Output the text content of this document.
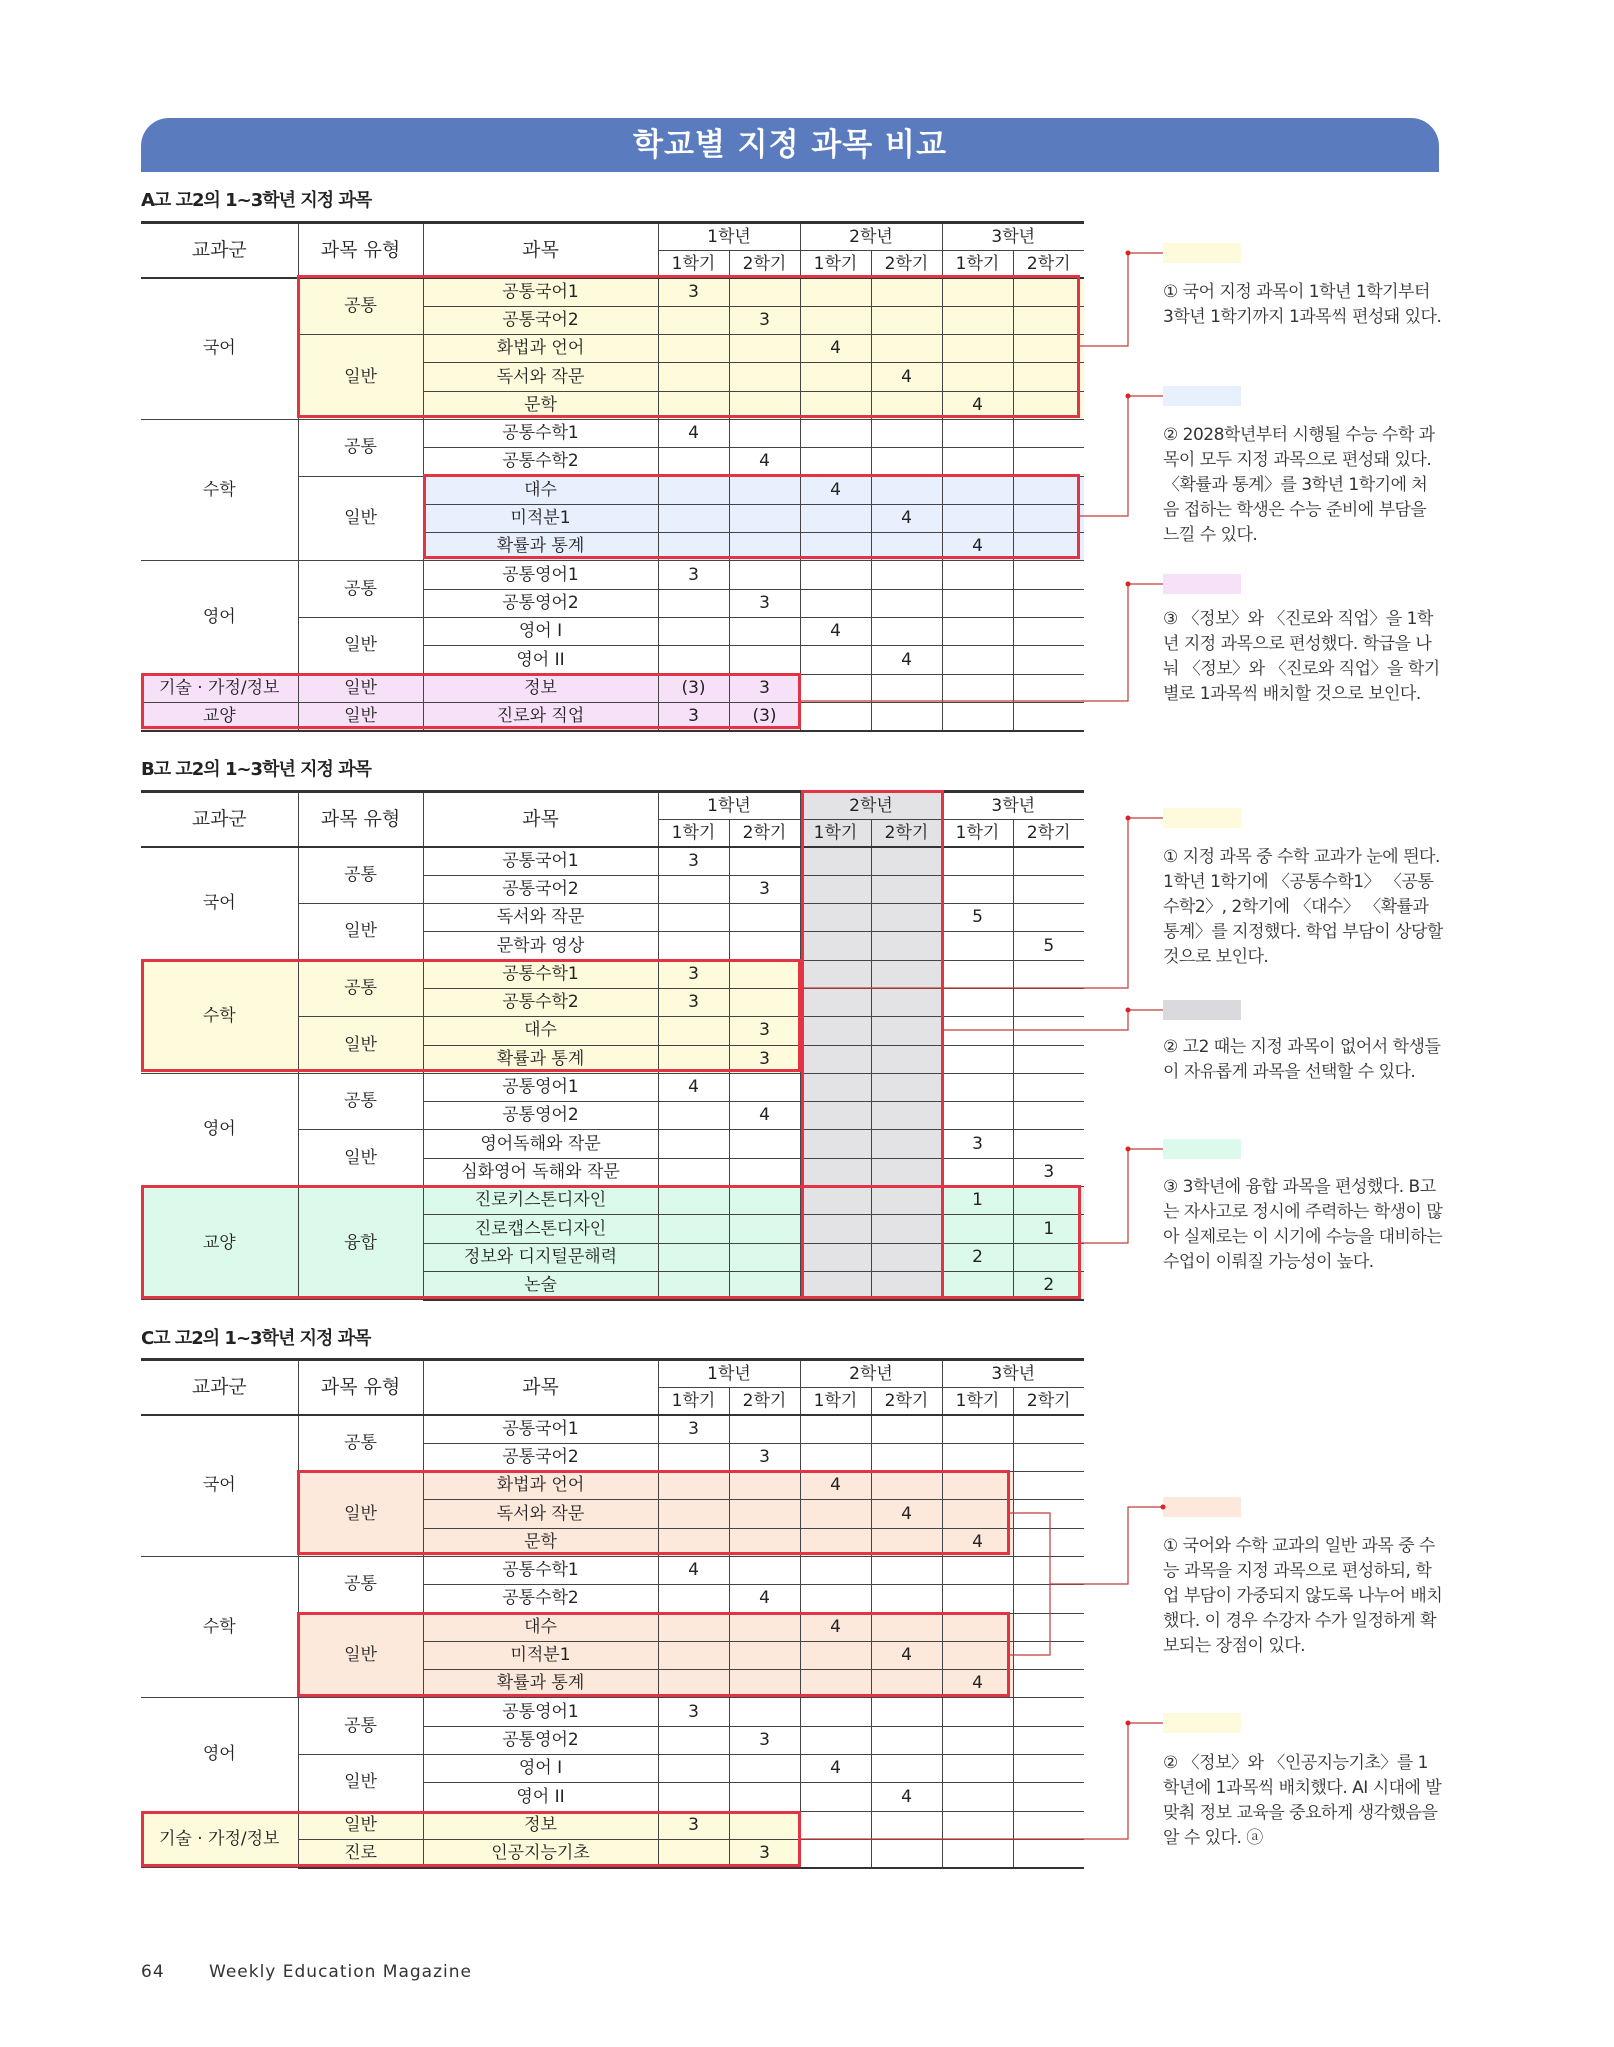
학교별 지정 과목 비교
A고 고2의 1~3학년 지정 과목
교과군	과목 유형	과목	1학년		2학년		3학년	
			1학기	2학기	1학기	2학기	1학기	2학기
국어	공통	공통국어1	3					
		공통국어2		3				
	일반	화법과 언어			4			
		독서와 작문				4		
		문학					4	
수학	공통	공통수학1	4					
		공통수학2		4				
	일반	대수			4			
		미적분1				4		
		확률과 통계					4	
영어	공통	공통영어1	3					
		공통영어2		3				
	일반	영어 I			4			
		영어 II				4		
기술 · 가정/정보	일반	정보	(3)	3				
교양	일반	진로와 직업	3	(3)				
① 국어 지정 과목이 1학년 1학기부터 3학년 1학기까지 1과목씩 편성돼 있다.
② 2028학년부터 시행될 수능 수학 과목이 모두 지정 과목으로 편성돼 있다. 〈확률과 통계〉를 3학년 1학기에 처음 접하는 학생은 수능 준비에 부담을 느낄 수 있다.
③ 〈정보〉와 〈진로와 직업〉을 1학년 지정 과목으로 편성했다. 학급을 나눠 〈정보〉와 〈진로와 직업〉을 학기별로 1과목씩 배치할 것으로 보인다.
B고 고2의 1~3학년 지정 과목
교과군	과목 유형	과목	1학년		2학년		3학년	
			1학기	2학기	1학기	2학기	1학기	2학기
국어	공통	공통국어1	3					
		공통국어2		3				
	일반	독서와 작문					5	
		문학과 영상						5
수학	공통	공통수학1	3					
		공통수학2	3					
	일반	대수		3				
		확률과 통계		3				
영어	공통	공통영어1	4					
		공통영어2		4				
	일반	영어독해와 작문					3	
		심화영어 독해와 작문						3
교양	융합	진로키스톤디자인					1	
		진로캡스톤디자인						1
		정보와 디지털문해력					2	
		논술						2
① 지정 과목 중 수학 교과가 눈에 띈다. 1학년 1학기에 〈공통수학1〉 〈공통수학2〉, 2학기에 〈대수〉 〈확률과 통계〉를 지정했다. 학업 부담이 상당할 것으로 보인다.
② 고2 때는 지정 과목이 없어서 학생들이 자유롭게 과목을 선택할 수 있다.
③ 3학년에 융합 과목을 편성했다. B고는 자사고로 정시에 주력하는 학생이 많아 실제로는 이 시기에 수능을 대비하는 수업이 이뤄질 가능성이 높다.
C고 고2의 1~3학년 지정 과목
교과군	과목 유형	과목	1학년		2학년		3학년	
			1학기	2학기	1학기	2학기	1학기	2학기
국어	공통	공통국어1	3					
		공통국어2		3				
	일반	화법과 언어			4			
		독서와 작문				4		
		문학					4	
수학	공통	공통수학1	4					
		공통수학2		4				
	일반	대수			4			
		미적분1				4		
		확률과 통계					4	
영어	공통	공통영어1	3					
		공통영어2		3				
	일반	영어 I			4			
		영어 II				4		
기술 · 가정/정보	일반	정보	3					
	진로	인공지능기초		3				
① 국어와 수학 교과의 일반 과목 중 수능 과목을 지정 과목으로 편성하되, 학업 부담이 가중되지 않도록 나누어 배치했다. 이 경우 수강자 수가 일정하게 확보되는 장점이 있다.
② 〈정보〉와 〈인공지능기초〉를 1학년에 1과목씩 배치했다. AI 시대에 발맞춰 정보 교육을 중요하게 생각했음을 알 수 있다. ⓐ
64	Weekly Education Magazine
